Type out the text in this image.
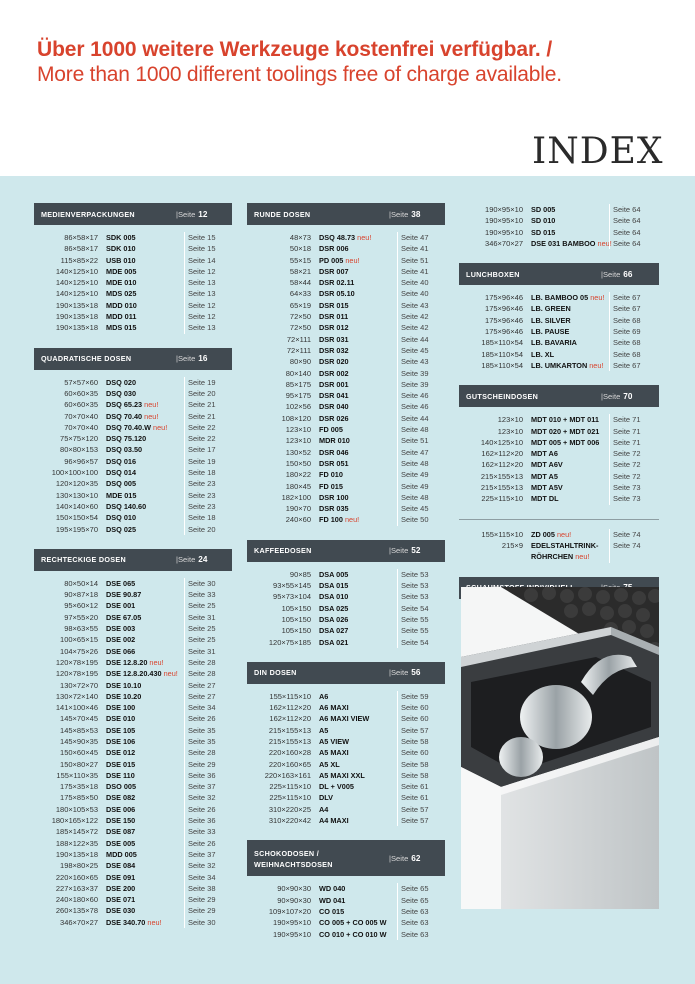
Über 1000 weitere Werkzeuge kostenfrei verfügbar. /
More than 1000 different toolings free of charge available.
INDEX
MEDIENVERPACKUNGEN	| Seite 12
86×58×17 SDK 005	Seite 15
86×58×17 SDK 010	Seite 15
115×85×22 USB 010	Seite 14
140×125×10 MDE 005	Seite 12
140×125×10 MDE 010	Seite 13
140×125×10 MDS 025	Seite 13
190×135×18 MDD 010	Seite 12
190×135×18 MDD 011	Seite 12
190×135×18 MDS 015	Seite 13
QUADRATISCHE DOSEN	| Seite 16
57×57×60 DSQ 020	Seite 19
60×60×35 DSQ 030	Seite 20
60×60×35 DSQ 65.23 neu!	Seite 21
70×70×40 DSQ 70.40 neu!	Seite 21
70×70×40 DSQ 70.40.W neu!	Seite 22
75×75×120 DSQ 75.120	Seite 22
80×80×153 DSQ 03.50	Seite 17
96×96×57 DSQ 016	Seite 19
100×100×100 DSQ 014	Seite 18
120×120×35 DSQ 005	Seite 23
130×130×10 MDE 015	Seite 23
140×140×60 DSQ 140.60	Seite 23
150×150×54 DSQ 010	Seite 18
195×195×70 DSQ 025	Seite 20
RECHTECKIGE DOSEN	| Seite 24
80×50×14 DSE 065	Seite 30
90×87×18 DSE 90.87	Seite 33
95×60×12 DSE 001	Seite 25
97×55×20 DSE 67.05	Seite 31
98×63×55 DSE 003	Seite 25
100×65×15 DSE 002	Seite 25
104×75×26 DSE 066	Seite 31
120×78×195 DSE 12.8.20 neu!	Seite 28
120×78×195 DSE 12.8.20.430 neu!	Seite 28
130×72×70 DSE 10.10	Seite 27
130×72×140 DSE 10.20	Seite 27
141×100×46 DSE 100	Seite 34
145×70×45 DSE 010	Seite 26
145×85×53 DSE 105	Seite 35
145×90×35 DSE 106	Seite 35
150×60×45 DSE 012	Seite 28
150×80×27 DSE 015	Seite 29
155×110×35 DSE 110	Seite 36
175×35×18 DSO 005	Seite 37
175×85×50 DSE 082	Seite 32
180×105×53 DSE 006	Seite 26
180×165×122 DSE 150	Seite 36
185×145×72 DSE 087	Seite 33
188×122×35 DSE 005	Seite 26
190×135×18 MDD 005	Seite 37
198×80×25 DSE 084	Seite 32
220×160×65 DSE 091	Seite 34
227×163×37 DSE 200	Seite 38
240×180×60 DSE 071	Seite 29
260×135×78 DSE 030	Seite 29
346×70×27 DSE 340.70 neu!	Seite 30
RUNDE DOSEN	| Seite 38
48×73 DSQ 48.73 neu!	Seite 47
50×18 DSR 006	Seite 41
55×15 PD 005 neu!	Seite 51
58×21 DSR 007	Seite 41
58×44 DSR 02.11	Seite 40
64×33 DSR 05.10	Seite 40
65×19 DSR 015	Seite 43
72×50 DSR 011	Seite 42
72×50 DSR 012	Seite 42
72×111 DSR 031	Seite 44
72×111 DSR 032	Seite 45
80×90 DSR 020	Seite 43
80×140 DSR 002	Seite 39
85×175 DSR 001	Seite 39
95×175 DSR 041	Seite 46
102×56 DSR 040	Seite 46
108×120 DSR 026	Seite 44
123×10 FD 005	Seite 48
123×10 MDR 010	Seite 51
130×52 DSR 046	Seite 47
150×50 DSR 051	Seite 48
180×22 FD 010	Seite 49
180×45 FD 015	Seite 49
182×100 DSR 100	Seite 48
190×70 DSR 035	Seite 45
240×60 FD 100 neu!	Seite 50
KAFFEEDOSEN	| Seite 52
90×85 DSA 005	Seite 53
93×55×145 DSA 015	Seite 53
95×73×104 DSA 010	Seite 53
105×150 DSA 025	Seite 54
105×150 DSA 026	Seite 55
105×150 DSA 027	Seite 55
120×75×185 DSA 021	Seite 54
DIN DOSEN	| Seite 56
155×115×10 A6	Seite 59
162×112×20 A6 MAXI	Seite 60
162×112×20 A6 MAXI VIEW	Seite 60
215×155×13 A5	Seite 57
215×155×13 A5 VIEW	Seite 58
220×160×28 A5 MAXI	Seite 60
220×160×65 A5 XL	Seite 58
220×163×161 A5 MAXI XXL	Seite 58
225×115×10 DL + V005	Seite 61
225×115×10 DLV	Seite 61
310×220×25 A4	Seite 57
310×220×42 A4 MAXI	Seite 57
SCHOKODOSEN /
WEIHNACHTSDOSEN
| Seite 62
90×90×30 WD 040	Seite 65
90×90×30 WD 041	Seite 65
109×107×20 CO 015	Seite 63
190×95×10 CO 005 + CO 005 W	Seite 63
190×95×10 CO 010 + CO 010 W	Seite 63
190×95×10 SD 005	Seite 64
190×95×10 SD 010	Seite 64
190×95×10 SD 015	Seite 64
346×70×27 DSE 031 BAMBOO neu! Seite 64
LUNCHBOXEN	| Seite 66
175×96×46 LB. BAMBOO 05 neu!	Seite 67
175×96×46 LB. GREEN	Seite 67
175×96×46 LB. SILVER	Seite 68
175×96×46 LB. PAUSE	Seite 69
185×110×54 LB. BAVARIA	Seite 68
185×110×54 LB. XL	Seite 68
185×110×54 LB. UMKARTON neu!	Seite 67
GUTSCHEINDOSEN	| Seite 70
123×10 MDT 010 + MDT 011	Seite 71
123×10 MDT 020 + MDT 021	Seite 71
140×125×10 MDT 005 + MDT 006	Seite 71
162×112×20 MDT A6	Seite 72
162×112×20 MDT A6V	Seite 72
215×155×13 MDT A5	Seite 72
215×155×13 MDT A5V	Seite 73
225×115×10 MDT DL	Seite 73
155×115×10 ZD 005 neu!	Seite 74
215×9 EDELSTAHLTRINK-	Seite 74
RÖHRCHEN neu!
